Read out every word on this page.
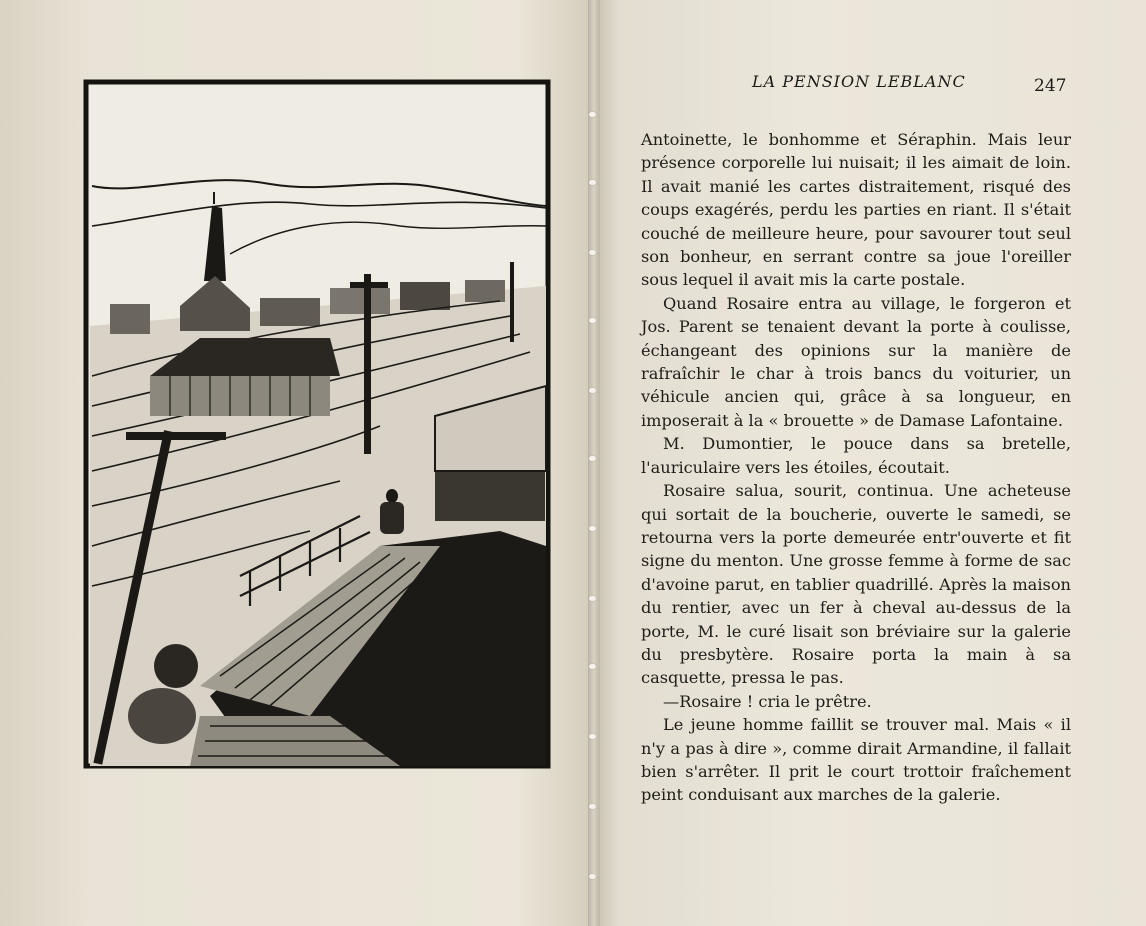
LA PENSION LEBLANC	247

Antoinette, le bonhomme et Séraphin. Mais leur présence corporelle lui nuisait; il les aimait de loin. Il avait manié les cartes distraitement, risqué des coups exagérés, perdu les parties en riant. Il s'était couché de meilleure heure, pour savourer tout seul son bonheur, en serrant contre sa joue l'oreiller sous lequel il avait mis la carte postale.

Quand Rosaire entra au village, le forgeron et Jos. Parent se tenaient devant la porte à coulisse, échangeant des opinions sur la manière de rafraîchir le char à trois bancs du voiturier, un véhicule ancien qui, grâce à sa longueur, en imposerait à la « brouette » de Damase Lafontaine.

M. Dumontier, le pouce dans sa bretelle, l'auriculaire vers les étoiles, écoutait.

Rosaire salua, sourit, continua. Une acheteuse qui sortait de la boucherie, ouverte le samedi, se retourna vers la porte demeurée entr'ouverte et fit signe du menton. Une grosse femme à forme de sac d'avoine parut, en tablier quadrillé. Après la maison du rentier, avec un fer à cheval au-dessus de la porte, M. le curé lisait son bréviaire sur la galerie du presbytère. Rosaire porta la main à sa casquette, pressa le pas.

—Rosaire ! cria le prêtre.

Le jeune homme faillit se trouver mal. Mais « il n'y a pas à dire », comme dirait Armandine, il fallait bien s'arrêter. Il prit le court trottoir fraîchement peint conduisant aux marches de la galerie.
